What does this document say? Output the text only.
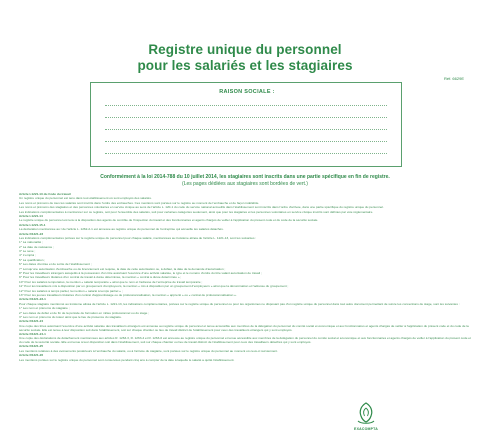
Registre unique du personnel
pour les salariés et les stagiaires
Réf. 6629E
RAISON SOCIALE :
Conformément à la loi 2014-788 du 10 juillet 2014, les stagiaires sont inscrits dans une partie spécifique en fin de registre.
(Les pages dédiées aux stagiaires sont bordées de vert.)

Article L1221-13 du Code du travail

Un registre unique du personnel est tenu dans tout établissement où sont employés des salariés.

Les noms et prénoms de tous les salariés sont inscrits dans l'ordre des embauches. Ces mentions sont portées sur le registre au moment de l'embauche et de façon indélébile.

Les noms et prénoms des stagiaires et des personnes volontaires en service civique au sens de l'article L. 120-1 du code du service national accueillis dans l'établissement sont inscrits dans l'ordre d'arrivée, dans une partie spécifique du registre unique du personnel.

Les indications complémentaires à mentionner sur ce registre, soit pour l'ensemble des salariés, soit pour certaines catégories seulement, ainsi que pour les stagiaires et les personnes volontaires en service civique inscrits sont définies par voie réglementaire.

Article L1221-14

Le registre unique du personnel est tenu à la disposition des agents de contrôle de l'inspection du travail et des fonctionnaires et agents chargés de veiller à l'application du présent code et du code de la sécurité sociale.

Article L1221-15-1

La déclaration mentionnée au I de l'article L. 1262-2-1 est annexée au registre unique du personnel de l'entreprise qui accueille les salariés détachés.

Article D1221-23

Les indications complémentaires portées sur le registre unique du personnel pour chaque salarié, mentionnées au troisième alinéa de l'article L. 1221-13, sont les suivantes :

1° La nationalité ;

2° La date de naissance ;

3° Le sexe ;

4° L'emploi ;

5° La qualification ;

6° Les dates d'entrée et de sortie de l'établissement ;

7° Lorsqu'une autorisation d'embauche ou de licenciement est requise, la date de cette autorisation ou, à défaut, la date de la demande d'autorisation ;

8° Pour les travailleurs étrangers assujettis à la possession d'un titre autorisant l'exercice d'une activité salariée, le type et le numéro d'ordre du titre valant autorisation de travail ;

9° Pour les travailleurs titulaires d'un contrat de travail à durée déterminée, la mention « contrat à durée déterminée » ;

10° Pour les salariés temporaires, la mention « salarié temporaire » ainsi que le nom et l'adresse de l'entreprise de travail temporaire ;

11° Pour les travailleurs mis à disposition par un groupement d'employeurs, la mention « mis à disposition par un groupement d'employeurs » ainsi que la dénomination et l'adresse du groupement ;

12° Pour les salariés à temps partiel, la mention « salarié à temps partiel » ;

13° Pour les jeunes travailleurs titulaires d'un contrat d'apprentissage ou de professionnalisation, la mention « apprenti » ou « contrat de professionnalisation ».

Article D1221-23-1

Pour chaque stagiaire mentionné au troisième alinéa de l'article L. 1221-13, les indications complémentaires, portées sur le registre unique du personnel ou pour les organismes ne disposant pas d'un registre unique du personnel dans tout autre document permettant de suivre les conventions de stage, sont les suivantes :

1° Les nom et prénoms du stagiaire ;

2° Les dates de début et de fin de la période de formation en milieu professionnel ou du stage ;

3° Les nom et prénoms du tuteur ainsi que le lieu de présence du stagiaire.

Article D1221-24

Une copie des titres autorisant l'exercice d'une activité salariée des travailleurs étrangers est annexée au registre unique du personnel et tenue accessible aux membres de la délégation du personnel du comité social et économique et aux fonctionnaires et agents chargés de veiller à l'application du présent code et du code de la sécurité sociale. Elle est tenue à leur disposition soit dans l'établissement, soit sur chaque chantier ou lieu de travail distinct de l'établissement pour ceux des travailleurs étrangers qui y sont employés.

Article D1221-24-1

Une copie des déclarations de détachement mentionnées aux articles R. 1263-3, R. 1263-4 et R. 1263-6 est annexée au registre unique du personnel et tenue accessible aux membres de la délégation du personnel du comité social et économique et aux fonctionnaires et agents chargés de veiller à l'application du présent code et du code de la sécurité sociale. Elle est tenue à leur disposition soit dans l'établissement, soit sur chaque chantier ou lieu de travail distinct de l'établissement pour ceux des travailleurs détachés qui y sont employés.

Article D1221-25

Les mentions relatives à des événements postérieurs à l'embauche du salarié, ou à l'arrivée du stagiaire, sont portées sur le registre unique du personnel au moment où ceux-ci surviennent.

Article R1221-26

Les mentions portées sur le registre unique du personnel sont conservées pendant cinq ans à compter de la date à laquelle le salarié a quitté l'établissement.

EXACOMPTA
